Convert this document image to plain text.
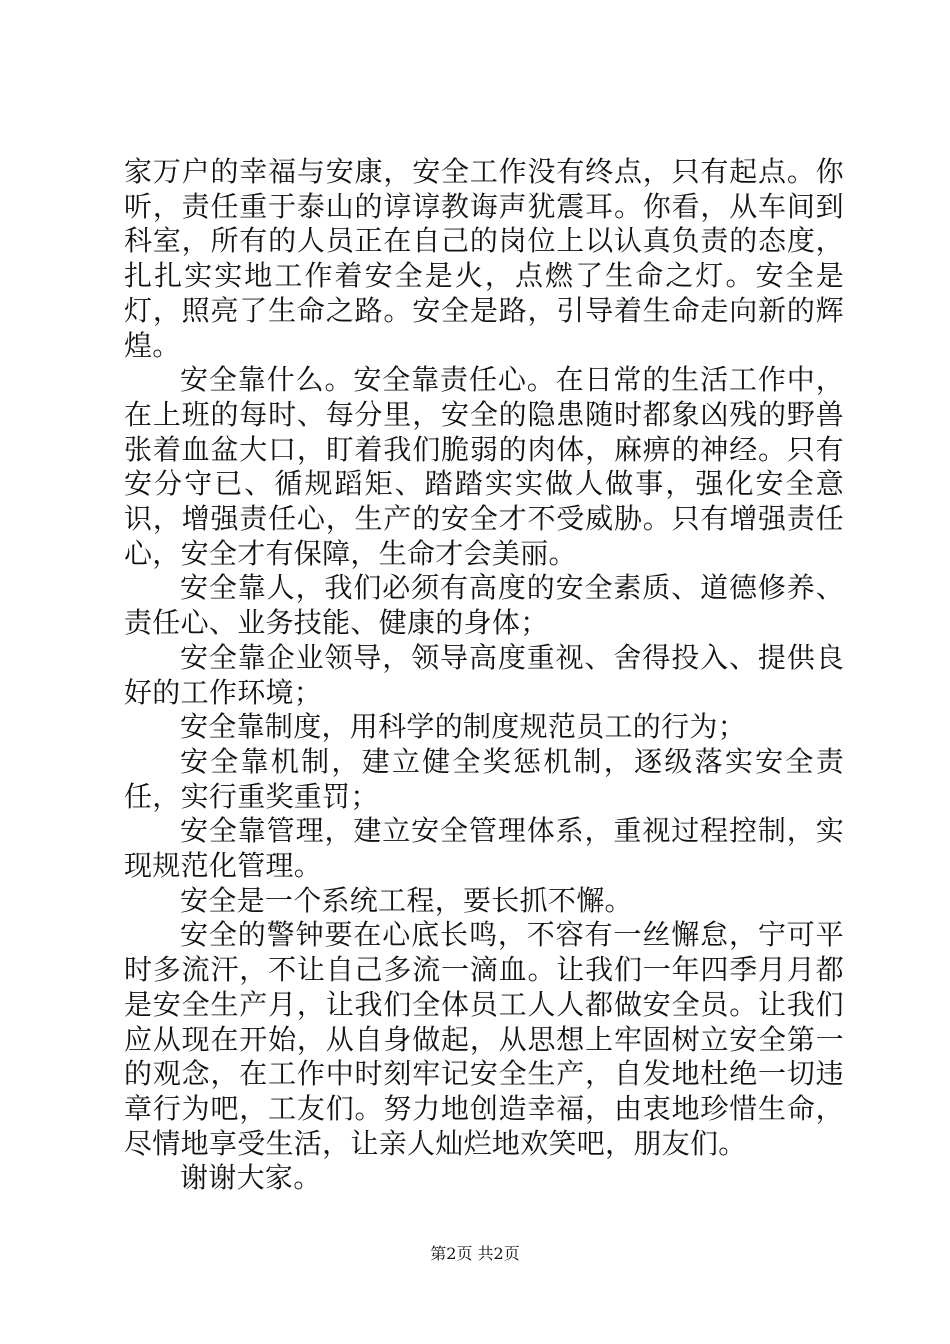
家万户的幸福与安康，安全工作没有终点，只有起点。你听，责任重于泰山的谆谆教诲声犹震耳。你看，从车间到科室，所有的人员正在自己的岗位上以认真负责的态度，扎扎实实地工作着安全是火，点燃了生命之灯。安全是灯，照亮了生命之路。安全是路，引导着生命走向新的辉煌。

安全靠什么。安全靠责任心。在日常的生活工作中，在上班的每时、每分里，安全的隐患随时都象凶残的野兽张着血盆大口，盯着我们脆弱的肉体，麻痹的神经。只有安分守已、循规蹈矩、踏踏实实做人做事，强化安全意识，增强责任心，生产的安全才不受威胁。只有增强责任心，安全才有保障，生命才会美丽。

安全靠人，我们必须有高度的安全素质、道德修养、责任心、业务技能、健康的身体；

安全靠企业领导，领导高度重视、舍得投入、提供良好的工作环境；

安全靠制度，用科学的制度规范员工的行为；

安全靠机制，建立健全奖惩机制，逐级落实安全责任，实行重奖重罚；

安全靠管理，建立安全管理体系，重视过程控制，实现规范化管理。

安全是一个系统工程，要长抓不懈。

安全的警钟要在心底长鸣，不容有一丝懈怠，宁可平时多流汗，不让自己多流一滴血。让我们一年四季月月都是安全生产月，让我们全体员工人人都做安全员。让我们应从现在开始，从自身做起，从思想上牢固树立安全第一的观念，在工作中时刻牢记安全生产，自发地杜绝一切违章行为吧，工友们。努力地创造幸福，由衷地珍惜生命，尽情地享受生活，让亲人灿烂地欢笑吧，朋友们。

谢谢大家。

第2页 共2页
